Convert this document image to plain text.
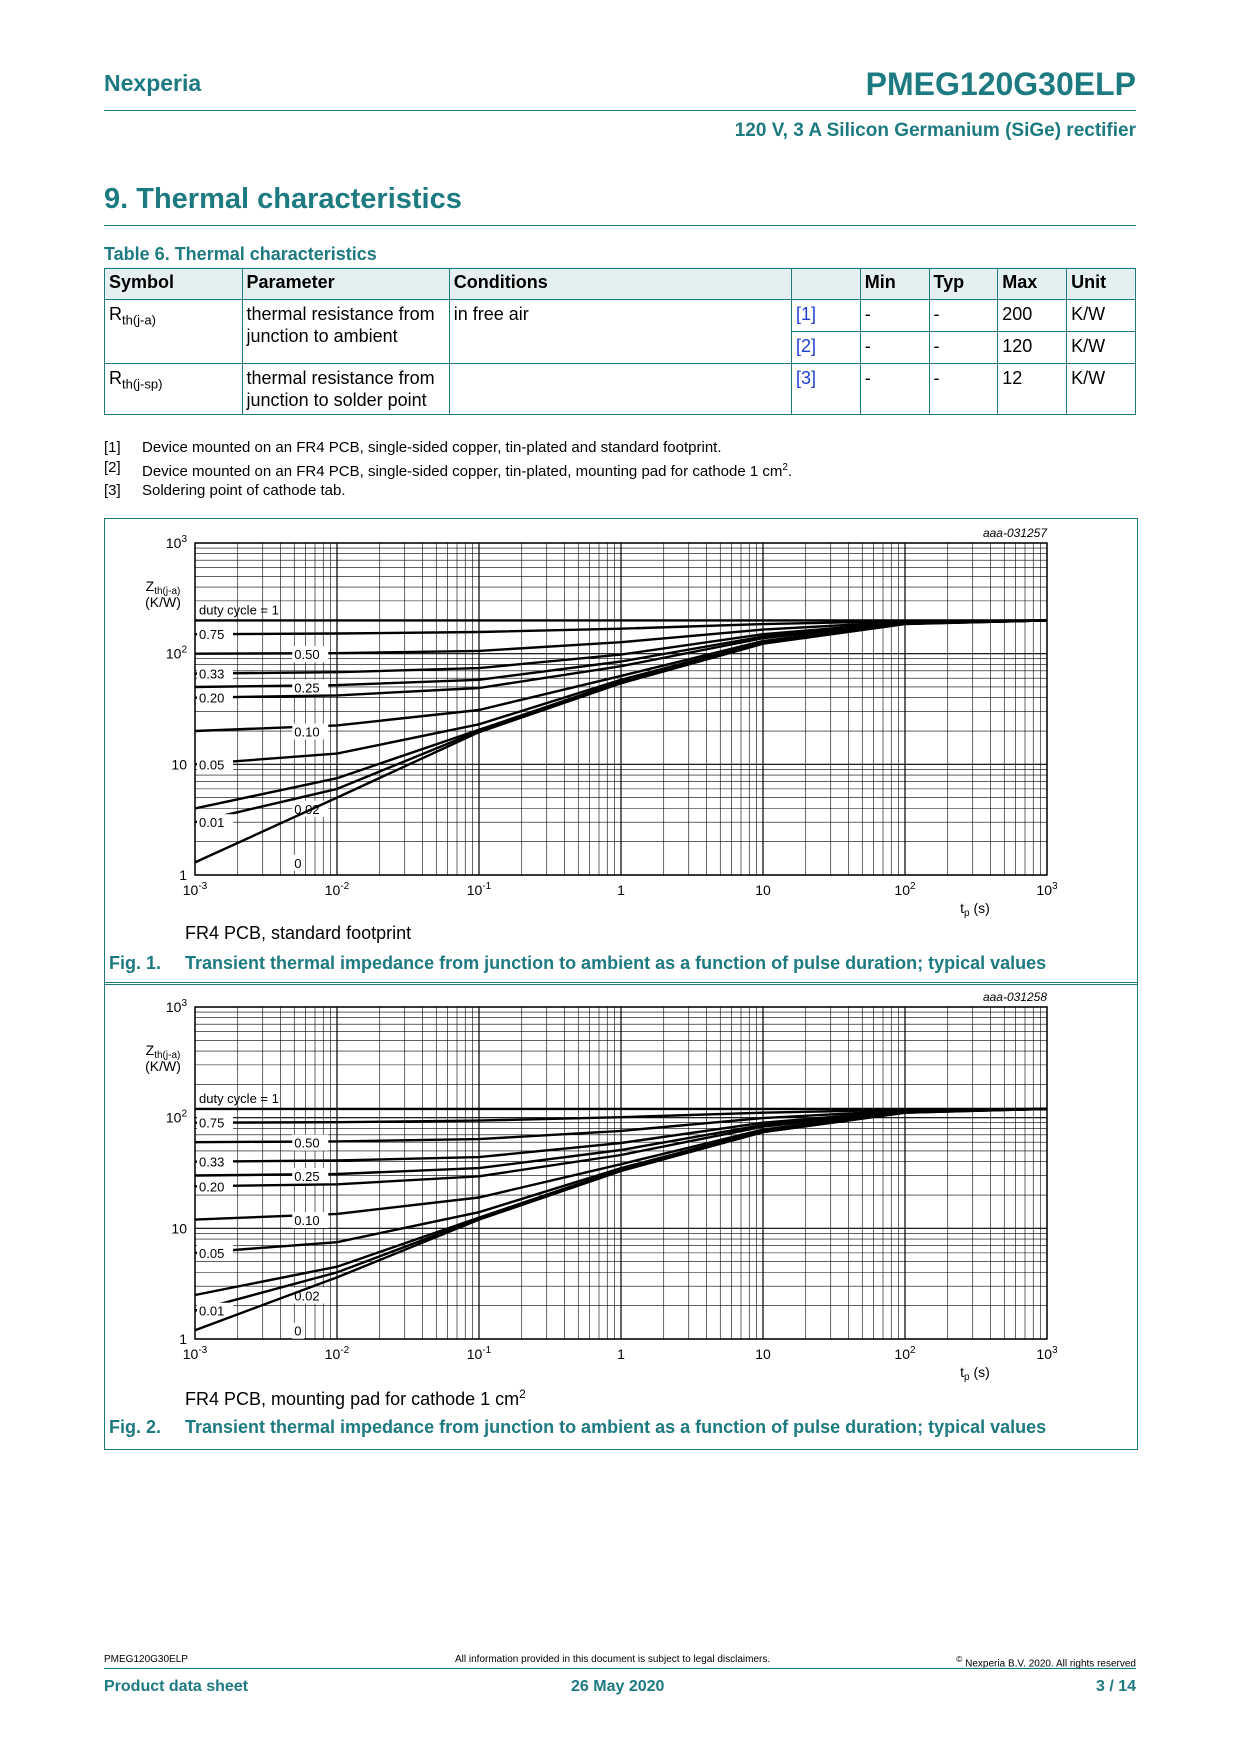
Nexperia	PMEG120G30ELP
120 V, 3 A Silicon Germanium (SiGe) rectifier
9. Thermal characteristics
Table 6. Thermal characteristics
Symbol	Parameter	Conditions		Min	Typ	Max	Unit
$R_{th(j-a)}$	thermal resistance from junction to ambient	in free air	[1]	-	-	200	K/W
			[2]	-	-	120	K/W
$R_{th(j-sp)}$	thermal resistance from junction to solder point		[3]	-	-	12	K/W
[1]	Device mounted on an FR4 PCB, single-sided copper, tin-plated and standard footprint.
[2]	Device mounted on an FR4 PCB, single-sided copper, tin-plated, mounting pad for cathode 1 $cm^2$.
[3]	Soldering point of cathode tab.
aaa-031257
$10^{-3}$	$10^{-2}$	$10^{-1}$	1	10	$10^2$	$10^3$
1
10
$10^2$
$10^3$
$Z_{th(j-a)}$
(K/W)
$t_p$ (s)
duty cycle = 1
0.75
0.50
0.33
0.25
0.20
0.10
0.05
0.02
0.01
0
FR4 PCB, standard footprint
Fig. 1. Transient thermal impedance from junction to ambient as a function of pulse duration; typical values
aaa-031258
$10^{-3}$	$10^{-2}$	$10^{-1}$	1	10	$10^2$	$10^3$
1
10
$10^2$
$10^3$
$Z_{th(j-a)}$
(K/W)
$t_p$ (s)
duty cycle = 1
0.75
0.50
0.33
0.25
0.20
0.10
0.05
0.02
0.01
0
FR4 PCB, mounting pad for cathode 1 $cm^2$
Fig. 2. Transient thermal impedance from junction to ambient as a function of pulse duration; typical values
PMEG120G30ELP	All information provided in this document is subject to legal disclaimers.	© Nexperia B.V. 2020. All rights reserved
Product data sheet	26 May 2020	3 / 14
